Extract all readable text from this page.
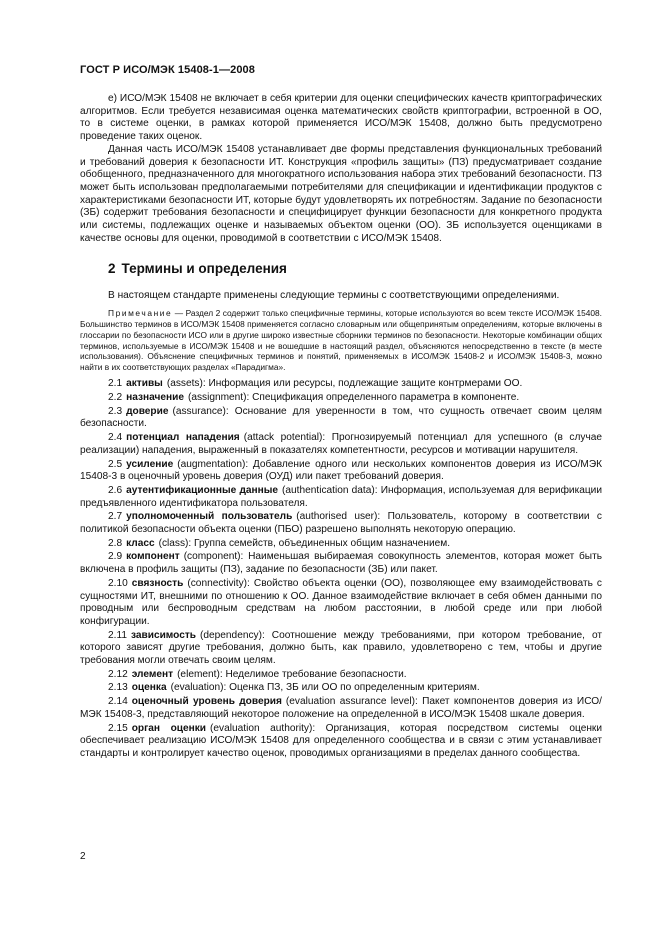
ГОСТ Р ИСО/МЭК 15408-1—2008

е) ИСО/МЭК 15408 не включает в себя критерии для оценки специфических качеств криптографических алгоритмов. Если требуется независимая оценка математических свойств криптографии, встроенной в ОО, то в системе оценки, в рамках которой применяется ИСО/МЭК 15408, должно быть предусмотрено проведение таких оценок.

Данная часть ИСО/МЭК 15408 устанавливает две формы представления функциональных требований и требований доверия к безопасности ИТ. Конструкция «профиль защиты» (ПЗ) предусматривает создание обобщенного, предназначенного для многократного использования набора этих требований безопасности. ПЗ может быть использован предполагаемыми потребителями для спецификации и идентификации продуктов с характеристиками безопасности ИТ, которые будут удовлетворять их потребностям. Задание по безопасности (ЗБ) содержит требования безопасности и специфицирует функции безопасности для конкретного продукта или системы, подлежащих оценке и называемых объектом оценки (ОО). ЗБ используется оценщиками в качестве основы для оценки, проводимой в соответствии с ИСО/МЭК 15408.

2 Термины и определения

В настоящем стандарте применены следующие термины с соответствующими определениями.

Примечание — Раздел 2 содержит только специфичные термины, которые используются во всем тексте ИСО/МЭК 15408. Большинство терминов в ИСО/МЭК 15408 применяется согласно словарным или общепринятым определениям, которые включены в глоссарии по безопасности ИСО или в другие широко известные сборники терминов по безопасности. Некоторые комбинации общих терминов, используемые в ИСО/МЭК 15408 и не вошедшие в настоящий раздел, объясняются непосредственно в тексте (в месте использования). Объяснение специфичных терминов и понятий, применяемых в ИСО/МЭК 15408-2 и ИСО/МЭК 15408-3, можно найти в их соответствующих разделах «Парадигма».

2.1 активы (assets): Информация или ресурсы, подлежащие защите контрмерами ОО.

2.2 назначение (assignment): Спецификация определенного параметра в компоненте.

2.3 доверие (assurance): Основание для уверенности в том, что сущность отвечает своим целям безопасности.

2.4 потенциал нападения (attack potential): Прогнозируемый потенциал для успешного (в случае реализации) нападения, выраженный в показателях компетентности, ресурсов и мотивации нарушителя.

2.5 усиление (augmentation): Добавление одного или нескольких компонентов доверия из ИСО/МЭК 15408-3 в оценочный уровень доверия (ОУД) или пакет требований доверия.

2.6 аутентификационные данные (authentication data): Информация, используемая для верификации предъявленного идентификатора пользователя.

2.7 уполномоченный пользователь (authorised user): Пользователь, которому в соответствии с политикой безопасности объекта оценки (ПБО) разрешено выполнять некоторую операцию.

2.8 класс (class): Группа семейств, объединенных общим назначением.

2.9 компонент (component): Наименьшая выбираемая совокупность элементов, которая может быть включена в профиль защиты (ПЗ), задание по безопасности (ЗБ) или пакет.

2.10 связность (connectivity): Свойство объекта оценки (ОО), позволяющее ему взаимодействовать с сущностями ИТ, внешними по отношению к ОО. Данное взаимодействие включает в себя обмен данными по проводным или беспроводным средствам на любом расстоянии, в любой среде или при любой конфигурации.

2.11 зависимость (dependency): Соотношение между требованиями, при котором требование, от которого зависят другие требования, должно быть, как правило, удовлетворено с тем, чтобы и другие требования могли отвечать своим целям.

2.12 элемент (element): Неделимое требование безопасности.

2.13 оценка (evaluation): Оценка ПЗ, ЗБ или ОО по определенным критериям.

2.14 оценочный уровень доверия (evaluation assurance level): Пакет компонентов доверия из ИСО/МЭК 15408-3, представляющий некоторое положение на определенной в ИСО/МЭК 15408 шкале доверия.

2.15 орган оценки (evaluation authority): Организация, которая посредством системы оценки обеспечивает реализацию ИСО/МЭК 15408 для определенного сообщества и в связи с этим устанавливает стандарты и контролирует качество оценок, проводимых организациями в пределах данного сообщества.

2
